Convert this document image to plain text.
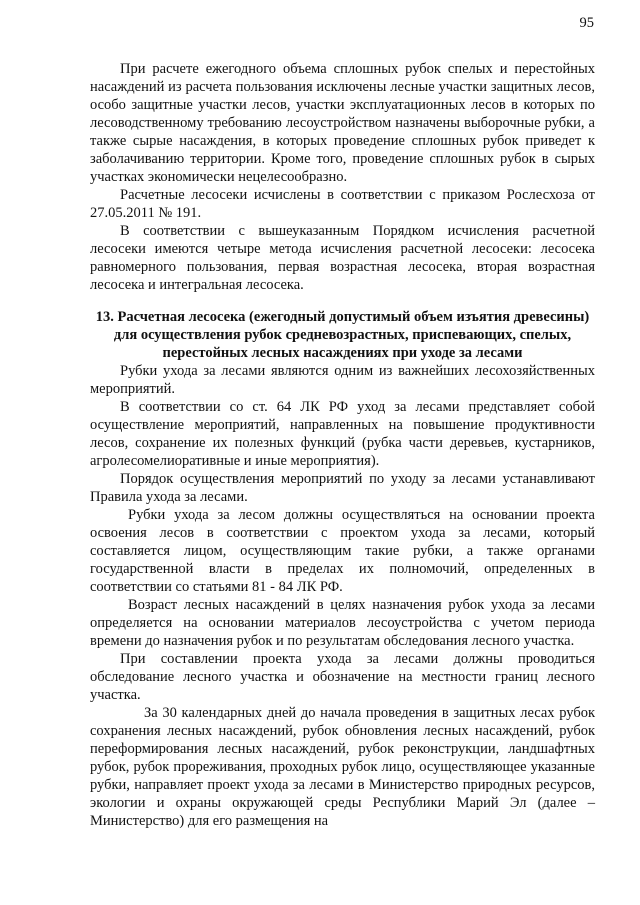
95

При расчете ежегодного объема сплошных рубок спелых и перестойных насаждений из расчета пользования исключены лесные участки защитных лесов, особо защитные участки лесов, участки эксплуатационных лесов в которых по лесоводственному требованию лесоустройством назначены выборочные рубки, а также сырые насаждения, в которых проведение сплошных рубок приведет к заболачиванию территории. Кроме того, проведение сплошных рубок в сырых участках экономически нецелесообразно.

Расчетные лесосеки исчислены в соответствии с приказом Рослесхоза от 27.05.2011 № 191.

В соответствии с вышеуказанным Порядком исчисления расчетной лесосеки имеются четыре метода исчисления расчетной лесосеки: лесосека равномерного пользования, первая возрастная лесосека, вторая возрастная лесосека и интегральная лесосека.

13. Расчетная лесосека (ежегодный допустимый объем изъятия древесины) для осуществления рубок средневозрастных, приспевающих, спелых, перестойных лесных насаждениях при уходе за лесами

Рубки ухода за лесами являются одним из важнейших лесохозяйственных мероприятий.

В соответствии со ст. 64 ЛК РФ уход за лесами представляет собой осуществление мероприятий, направленных на повышение продуктивности лесов, сохранение их полезных функций (рубка части деревьев, кустарников, агролесомелиоративные и иные мероприятия).

Порядок осуществления мероприятий по уходу за лесами устанавливают Правила ухода за лесами.

Рубки ухода за лесом должны осуществляться на основании проекта освоения лесов в соответствии с проектом ухода за лесами, который составляется лицом, осуществляющим такие рубки, а также органами государственной власти в пределах их полномочий, определенных в соответствии со статьями 81 - 84 ЛК РФ.

Возраст лесных насаждений в целях назначения рубок ухода за лесами определяется на основании материалов лесоустройства с учетом периода времени до назначения рубок и по результатам обследования лесного участка.

При составлении проекта ухода за лесами должны проводиться обследование лесного участка и обозначение на местности границ лесного участка.

За 30 календарных дней до начала проведения в защитных лесах рубок сохранения лесных насаждений, рубок обновления лесных насаждений, рубок переформирования лесных насаждений, рубок реконструкции, ландшафтных рубок, рубок прореживания, проходных рубок лицо, осуществляющее указанные рубки, направляет проект ухода за лесами в Министерство природных ресурсов, экологии и охраны окружающей среды Республики Марий Эл (далее – Министерство) для его размещения на
